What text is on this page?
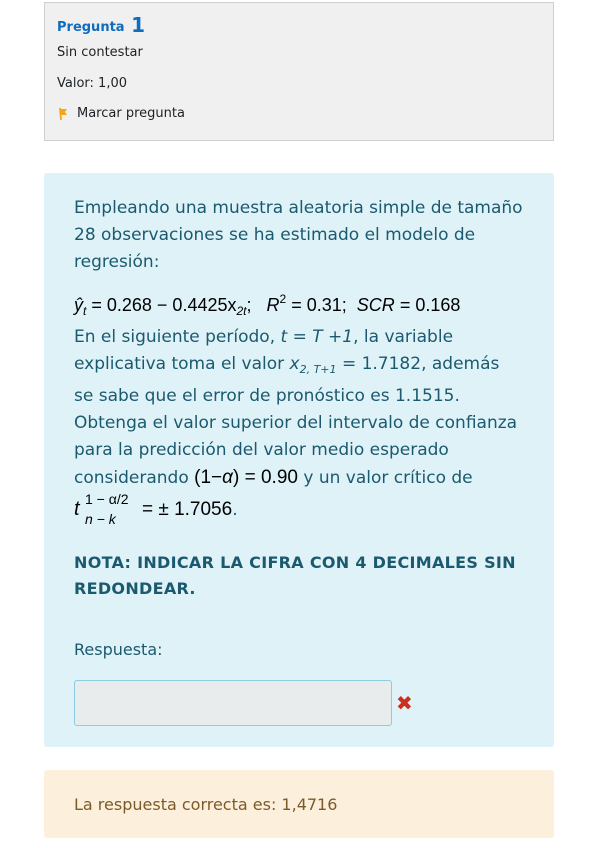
Pregunta 1
Sin contestar
Valor: 1,00
Marcar pregunta

Empleando una muestra aleatoria simple de tamaño 28 observaciones se ha estimado el modelo de regresión:

$ŷ_t = 0.268 - 0.4425x_{2t}$;   $R^2 = 0.31$; SCR = 0.168

En el siguiente período, t = T +1, la variable explicativa toma el valor $x_{2, T+1} = 1.7182$, además se sabe que el error de pronóstico es 1.1515. Obtenga el valor superior del intervalo de confianza para la predicción del valor medio esperado considerando (1−α) = 0.90 y un valor crítico de
t 1 − α/2
n − k = ± 1.7056.

NOTA: INDICAR LA CIFRA CON 4 DECIMALES SIN REDONDEAR.
Respuesta:
✖
La respuesta correcta es: 1,4716
